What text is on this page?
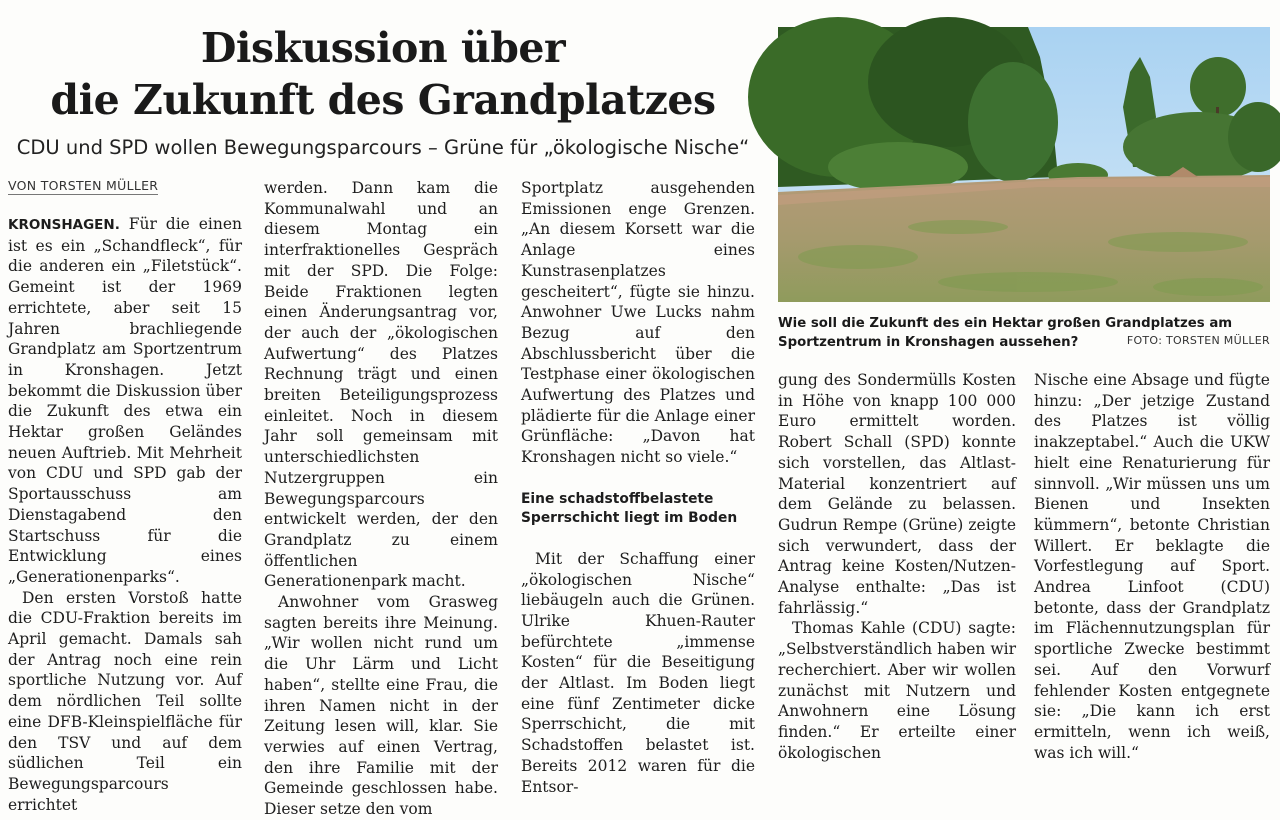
Diskussion über
die Zukunft des Grandplatzes

CDU und SPD wollen Bewegungsparcours – Grüne für „ökologische Nische“

VON TORSTEN MÜLLER

KRONSHAGEN. Für die einen ist es ein „Schandfleck“, für die anderen ein „Filetstück“. Gemeint ist der 1969 errichtete, aber seit 15 Jahren brachliegende Grandplatz am Sportzentrum in Kronshagen. Jetzt bekommt die Diskussion über die Zukunft des etwa ein Hektar großen Geländes neuen Auftrieb. Mit Mehrheit von CDU und SPD gab der Sportausschuss am Dienstagabend den Startschuss für die Entwicklung eines „Generationenparks“.

Den ersten Vorstoß hatte die CDU-Fraktion bereits im April gemacht. Damals sah der Antrag noch eine rein sportliche Nutzung vor. Auf dem nördlichen Teil sollte eine DFB-Kleinspielfläche für den TSV und auf dem südlichen Teil ein Bewegungsparcours errichtet

werden. Dann kam die Kommunalwahl und an diesem Montag ein interfraktionelles Gespräch mit der SPD. Die Folge: Beide Fraktionen legten einen Änderungsantrag vor, der auch der „ökologischen Aufwertung“ des Platzes Rechnung trägt und einen breiten Beteiligungsprozess einleitet. Noch in diesem Jahr soll gemeinsam mit unterschiedlichsten Nutzergruppen ein Bewegungsparcours entwickelt werden, der den Grandplatz zu einem öffentlichen Generationenpark macht.

Anwohner vom Grasweg sagten bereits ihre Meinung. „Wir wollen nicht rund um die Uhr Lärm und Licht haben“, stellte eine Frau, die ihren Namen nicht in der Zeitung lesen will, klar. Sie verwies auf einen Vertrag, den ihre Familie mit der Gemeinde geschlossen habe. Dieser setze den vom

Sportplatz ausgehenden Emissionen enge Grenzen. „An diesem Korsett war die Anlage eines Kunstrasenplatzes gescheitert“, fügte sie hinzu. Anwohner Uwe Lucks nahm Bezug auf den Abschlussbericht über die Testphase einer ökologischen Aufwertung des Platzes und plädierte für die Anlage einer Grünfläche: „Davon hat Kronshagen nicht so viele.“

Eine schadstoffbelastete Sperrschicht liegt im Boden

Mit der Schaffung einer „ökologischen Nische“ liebäugeln auch die Grünen. Ulrike Khuen-Rauter befürchtete „immense Kosten“ für die Beseitigung der Altlast. Im Boden liegt eine fünf Zentimeter dicke Sperrschicht, die mit Schadstoffen belastet ist. Bereits 2012 waren für die Entsor-

Wie soll die Zukunft des ein Hektar großen Grandplatzes am Sportzentrum in Kronshagen aussehen?	FOTO: TORSTEN MÜLLER

gung des Sondermülls Kosten in Höhe von knapp 100 000 Euro ermittelt worden. Robert Schall (SPD) konnte sich vorstellen, das Altlast-Material konzentriert auf dem Gelände zu belassen. Gudrun Rempe (Grüne) zeigte sich verwundert, dass der Antrag keine Kosten/Nutzen-Analyse enthalte: „Das ist fahrlässig.“

Thomas Kahle (CDU) sagte: „Selbstverständlich haben wir recherchiert. Aber wir wollen zunächst mit Nutzern und Anwohnern eine Lösung finden.“ Er erteilte einer ökologischen

Nische eine Absage und fügte hinzu: „Der jetzige Zustand des Platzes ist völlig inakzeptabel.“ Auch die UKW hielt eine Renaturierung für sinnvoll. „Wir müssen uns um Bienen und Insekten kümmern“, betonte Christian Willert. Er beklagte die Vorfestlegung auf Sport. Andrea Linfoot (CDU) betonte, dass der Grandplatz im Flächennutzungsplan für sportliche Zwecke bestimmt sei. Auf den Vorwurf fehlender Kosten entgegnete sie: „Die kann ich erst ermitteln, wenn ich weiß, was ich will.“
